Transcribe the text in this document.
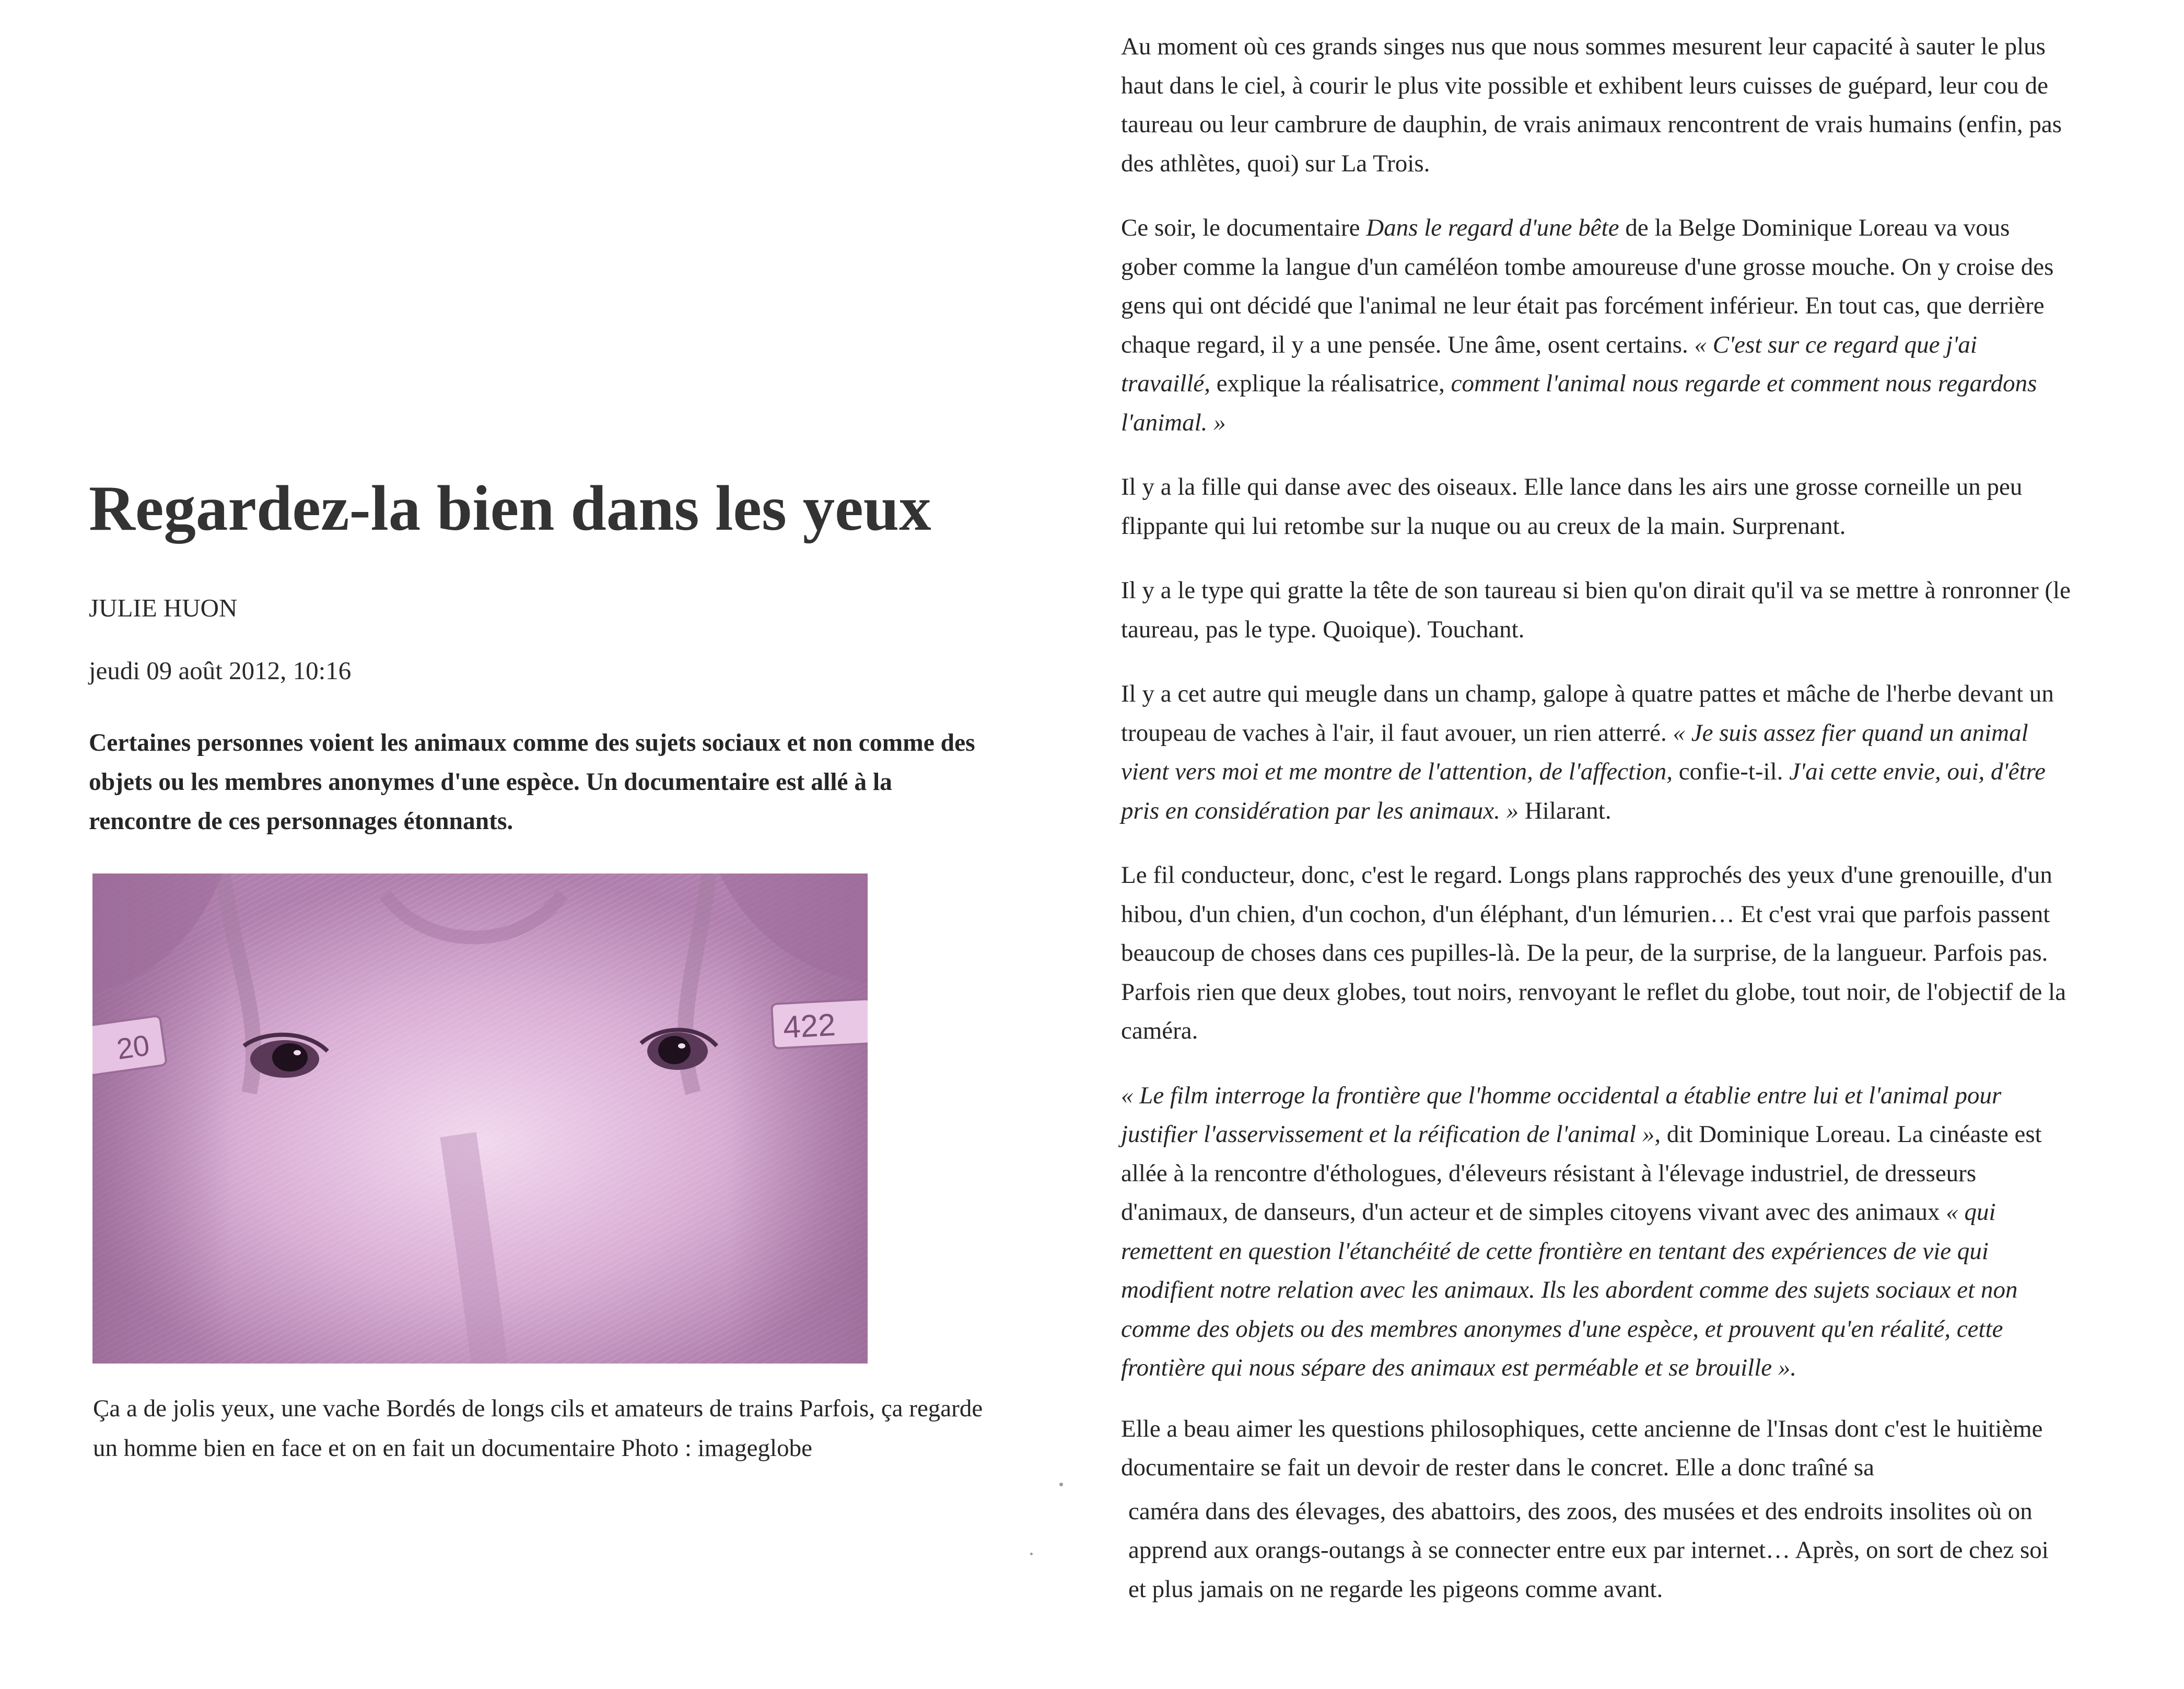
Regardez-la bien dans les yeux

JULIE HUON

jeudi 09 août 2012, 10:16

Certaines personnes voient les animaux comme des sujets sociaux et non comme des objets ou les membres anonymes d'une espèce. Un documentaire est allé à la rencontre de ces personnages étonnants.

20
422

Ça a de jolis yeux, une vache Bordés de longs cils et amateurs de trains Parfois, ça regarde un homme bien en face et on en fait un documentaire Photo : imageglobe

Au moment où ces grands singes nus que nous sommes mesurent leur capacité à sauter le plus haut dans le ciel, à courir le plus vite possible et exhibent leurs cuisses de guépard, leur cou de taureau ou leur cambrure de dauphin, de vrais animaux rencontrent de vrais humains (enfin, pas des athlètes, quoi) sur La Trois.

Ce soir, le documentaire Dans le regard d'une bête de la Belge Dominique Loreau va vous gober comme la langue d'un caméléon tombe amoureuse d'une grosse mouche. On y croise des gens qui ont décidé que l'animal ne leur était pas forcément inférieur. En tout cas, que derrière chaque regard, il y a une pensée. Une âme, osent certains. « C'est sur ce regard que j'ai travaillé, explique la réalisatrice, comment l'animal nous regarde et comment nous regardons l'animal. »

Il y a la fille qui danse avec des oiseaux. Elle lance dans les airs une grosse corneille un peu flippante qui lui retombe sur la nuque ou au creux de la main. Surprenant.

Il y a le type qui gratte la tête de son taureau si bien qu'on dirait qu'il va se mettre à ronronner (le taureau, pas le type. Quoique). Touchant.

Il y a cet autre qui meugle dans un champ, galope à quatre pattes et mâche de l'herbe devant un troupeau de vaches à l'air, il faut avouer, un rien atterré. « Je suis assez fier quand un animal vient vers moi et me montre de l'attention, de l'affection, confie-t-il. J'ai cette envie, oui, d'être pris en considération par les animaux. » Hilarant.

Le fil conducteur, donc, c'est le regard. Longs plans rapprochés des yeux d'une grenouille, d'un hibou, d'un chien, d'un cochon, d'un éléphant, d'un lémurien… Et c'est vrai que parfois passent beaucoup de choses dans ces pupilles-là. De la peur, de la surprise, de la langueur. Parfois pas. Parfois rien que deux globes, tout noirs, renvoyant le reflet du globe, tout noir, de l'objectif de la caméra.

« Le film interroge la frontière que l'homme occidental a établie entre lui et l'animal pour justifier l'asservissement et la réification de l'animal », dit Dominique Loreau. La cinéaste est allée à la rencontre d'éthologues, d'éleveurs résistant à l'élevage industriel, de dresseurs d'animaux, de danseurs, d'un acteur et de simples citoyens vivant avec des animaux « qui remettent en question l'étanchéité de cette frontière en tentant des expériences de vie qui modifient notre relation avec les animaux. Ils les abordent comme des sujets sociaux et non comme des objets ou des membres anonymes d'une espèce, et prouvent qu'en réalité, cette frontière qui nous sépare des animaux est perméable et se brouille ».

Elle a beau aimer les questions philosophiques, cette ancienne de l'Insas dont c'est le huitième documentaire se fait un devoir de rester dans le concret. Elle a donc traîné sa

caméra dans des élevages, des abattoirs, des zoos, des musées et des endroits insolites où on apprend aux orangs-outangs à se connecter entre eux par internet… Après, on sort de chez soi et plus jamais on ne regarde les pigeons comme avant.
